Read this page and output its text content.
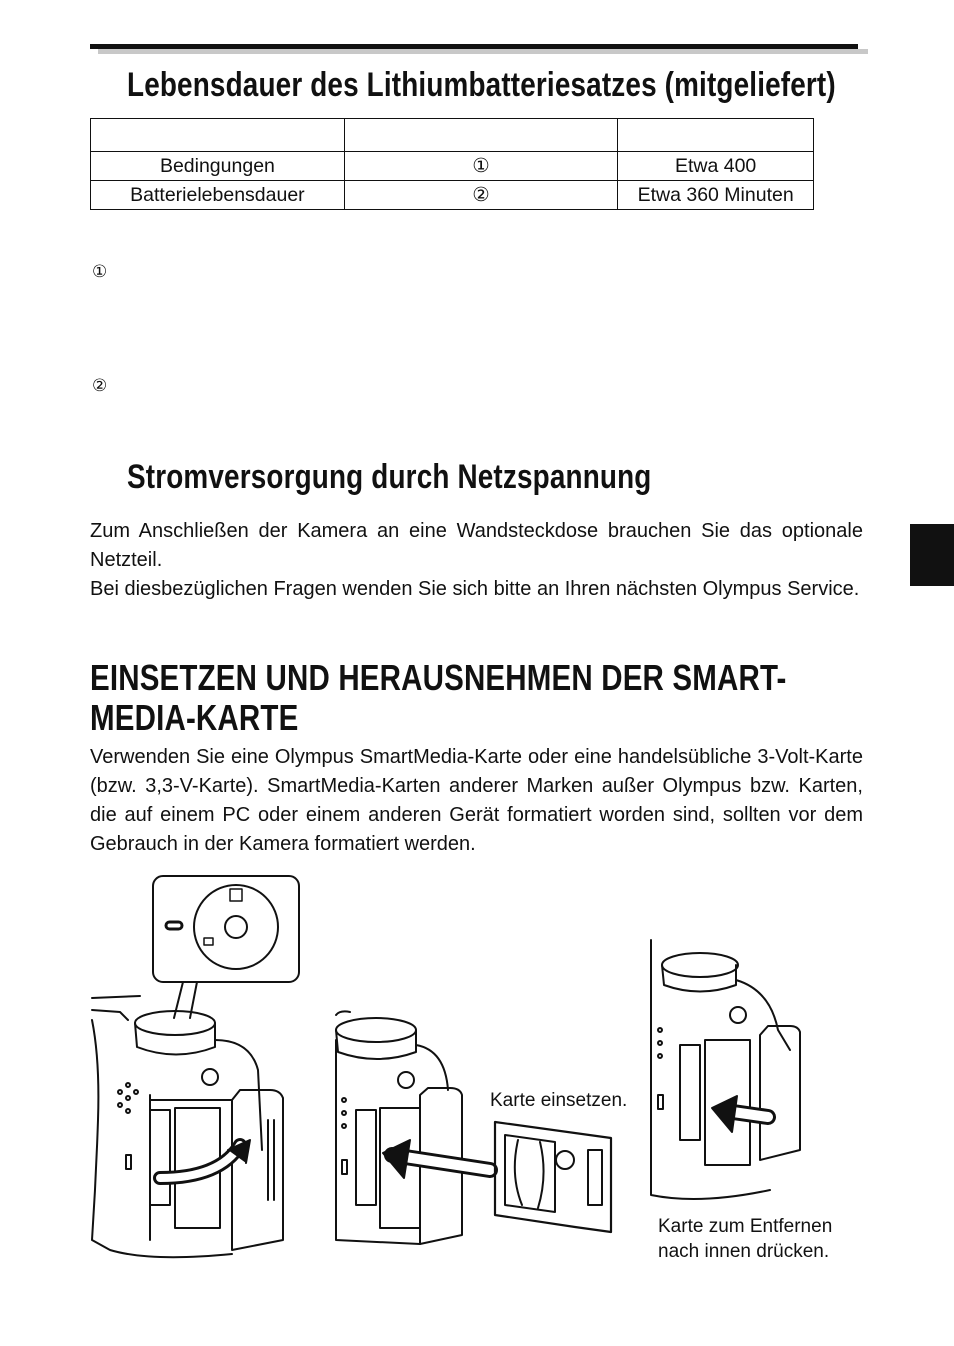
Lebensdauer des Lithiumbatteriesatzes (mitgeliefert)

Bedingungen	①	Etwa 400
Batterielebensdauer	②	Etwa 360 Minuten
①
②
Stromversorgung durch Netzspannung
Zum Anschließen der Kamera an eine Wandsteckdose brauchen Sie das optionale Netzteil.
Bei diesbezüglichen Fragen wenden Sie sich bitte an Ihren nächsten Olympus Service.
EINSETZEN UND HERAUSNEHMEN DER SMART-
MEDIA-KARTE
Verwenden Sie eine Olympus SmartMedia-Karte oder eine handelsübliche 3-Volt-Karte (bzw. 3,3-V-Karte). SmartMedia-Karten anderer Marken außer Olympus bzw. Karten, die auf einem PC oder einem anderen Gerät formatiert worden sind, sollten vor dem Gebrauch in der Kamera formatiert werden.
Karte einsetzen.
Karte zum Entfernen
nach innen drücken.
